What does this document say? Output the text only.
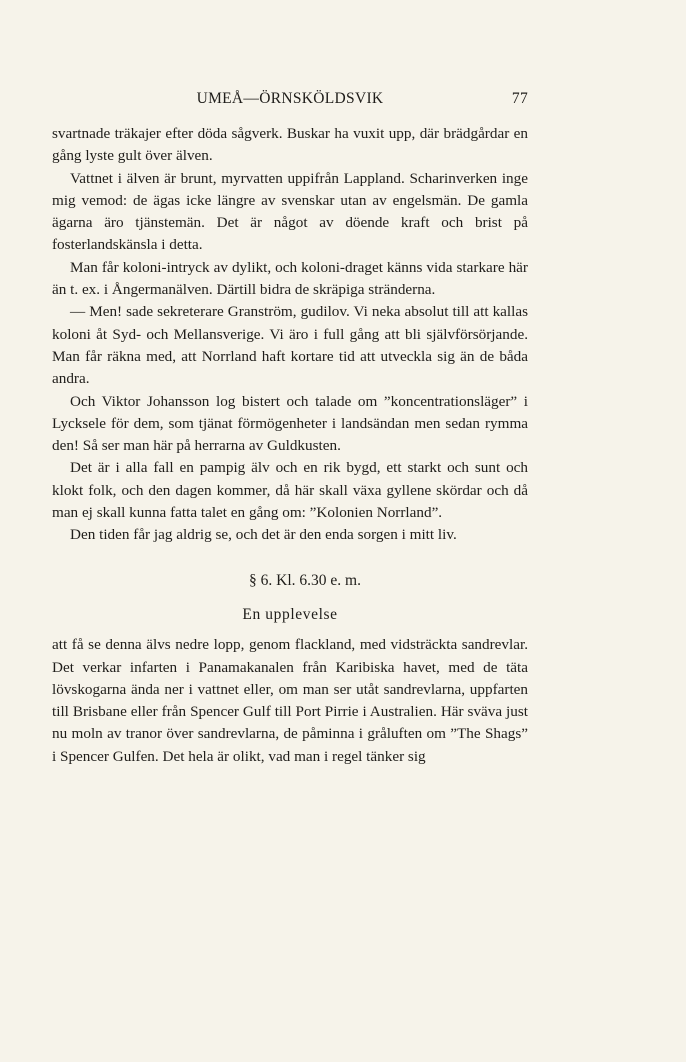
UMEÅ—ÖRNSKÖLDSVIK	77

svartnade träkajer efter döda sågverk. Buskar ha vuxit upp, där brädgårdar en gång lyste gult över älven.

Vattnet i älven är brunt, myrvatten uppifrån Lappland. Scharinverken inge mig vemod: de ägas icke längre av svenskar utan av engelsmän. De gamla ägarna äro tjänstemän. Det är något av döende kraft och brist på fosterlandskänsla i detta.

Man får koloni-intryck av dylikt, och koloni-draget känns vida starkare här än t. ex. i Ångermanälven. Därtill bidra de skräpiga stränderna.

— Men! sade sekreterare Granström, gudilov. Vi neka absolut till att kallas koloni åt Syd- och Mellansverige. Vi äro i full gång att bli självförsörjande. Man får räkna med, att Norrland haft kortare tid att utveckla sig än de båda andra.

Och Viktor Johansson log bistert och talade om ”koncentrationsläger” i Lycksele för dem, som tjänat förmögenheter i landsändan men sedan rymma den! Så ser man här på herrarna av Guldkusten.

Det är i alla fall en pampig älv och en rik bygd, ett starkt och sunt och klokt folk, och den dagen kommer, då här skall växa gyllene skördar och då man ej skall kunna fatta talet en gång om: ”Kolonien Norrland”.

Den tiden får jag aldrig se, och det är den enda sorgen i mitt liv.

§ 6. Kl. 6.30 e. m.
En upplevelse

att få se denna älvs nedre lopp, genom flackland, med vidsträckta sandrevlar. Det verkar infarten i Panamakanalen från Karibiska havet, med de täta lövskogarna ända ner i vattnet eller, om man ser utåt sandrevlarna, uppfarten till Brisbane eller från Spencer Gulf till Port Pirrie i Australien. Här sväva just nu moln av tranor över sandrevlarna, de påminna i gråluften om ”The Shags” i Spencer Gulfen. Det hela är olikt, vad man i regel tänker sig
